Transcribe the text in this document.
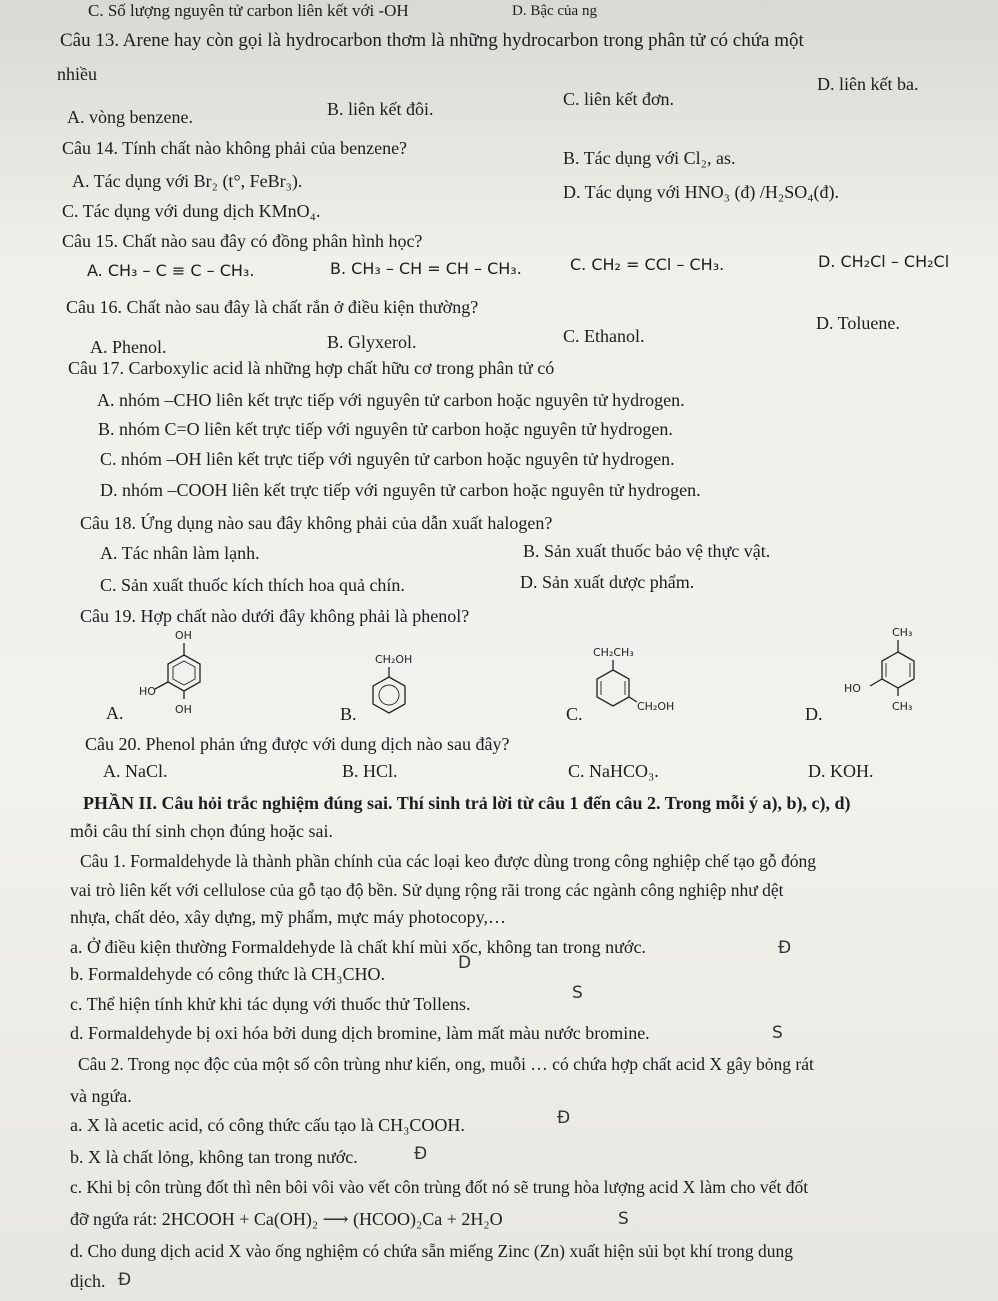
C. Số lượng nguyên tử carbon liên kết với -OH	D. Bậc của ng
Câu 13. Arene hay còn gọi là hydrocarbon thơm là những hydrocarbon trong phân tử có chứa một
nhiều	D. liên kết ba.
A. vòng benzene.	B. liên kết đôi.	C. liên kết đơn.
Câu 14. Tính chất nào không phải của benzene?	B. Tác dụng với Cl₂, as.
A. Tác dụng với Br₂ (t°, FeBr₃).
D. Tác dụng với HNO₃ (đ) /H₂SO₄(đ).
C. Tác dụng với dung dịch KMnO₄.
Câu 15. Chất nào sau đây có đồng phân hình học?
A. CH₃ – C ≡ C – CH₃.	B. CH₃ – CH = CH – CH₃.	C. CH₂ = CCl – CH₃.	D. CH₂Cl – CH₂Cl
Câu 16. Chất nào sau đây là chất rắn ở điều kiện thường?
D. Toluene.
A. Phenol.	B. Glyxerol.	C. Ethanol.
Câu 17. Carboxylic acid là những hợp chất hữu cơ trong phân tử có
A. nhóm –CHO liên kết trực tiếp với nguyên tử carbon hoặc nguyên tử hydrogen.
B. nhóm C=O liên kết trực tiếp với nguyên tử carbon hoặc nguyên tử hydrogen.
C. nhóm –OH liên kết trực tiếp với nguyên tử carbon hoặc nguyên tử hydrogen.
D. nhóm –COOH liên kết trực tiếp với nguyên tử carbon hoặc nguyên tử hydrogen.
Câu 18. Ứng dụng nào sau đây không phải của dẫn xuất halogen?
A. Tác nhân làm lạnh.	B. Sản xuất thuốc bảo vệ thực vật.
C. Sản xuất thuốc kích thích hoa quả chín.	D. Sản xuất dược phẩm.
Câu 19. Hợp chất nào dưới đây không phải là phenol?
OH
HO
OH
A.
CH₂OH
B.
CH₂CH₃
CH₂OH
C.
CH₃
HO
CH₃
D.
Câu 20. Phenol phản ứng được với dung dịch nào sau đây?
A. NaCl.	B. HCl.	C. NaHCO₃.	D. KOH.
PHẦN II. Câu hỏi trắc nghiệm đúng sai. Thí sinh trả lời từ câu 1 đến câu 2. Trong mỗi ý a), b), c), d)
mỗi câu thí sinh chọn đúng hoặc sai.
Câu 1. Formaldehyde là thành phần chính của các loại keo được dùng trong công nghiệp chế tạo gỗ đóng
vai trò liên kết với cellulose của gỗ tạo độ bền. Sử dụng rộng rãi trong các ngành công nghiệp như dệt
nhựa, chất dẻo, xây dựng, mỹ phẩm, mực máy photocopy,…
a. Ở điều kiện thường Formaldehyde là chất khí mùi xốc, không tan trong nước.	Đ
b. Formaldehyde có công thức là CH₃CHO.
D
c. Thể hiện tính khử khi tác dụng với thuốc thử Tollens.
S
d. Formaldehyde bị oxi hóa bởi dung dịch bromine, làm mất màu nước bromine.	S
Câu 2. Trong nọc độc của một số côn trùng như kiến, ong, muỗi … có chứa hợp chất acid X gây bỏng rát
và ngứa.
a. X là acetic acid, có công thức cấu tạo là CH₃COOH.	Đ
b. X là chất lỏng, không tan trong nước.	Đ
c. Khi bị côn trùng đốt thì nên bôi vôi vào vết côn trùng đốt nó sẽ trung hòa lượng acid X làm cho vết đốt
đỡ ngứa rát: 2HCOOH + Ca(OH)₂ ⟶ (HCOO)₂Ca + 2H₂O	S
d. Cho dung dịch acid X vào ống nghiệm có chứa sẵn miếng Zinc (Zn) xuất hiện sủi bọt khí trong dung
dịch. Đ
